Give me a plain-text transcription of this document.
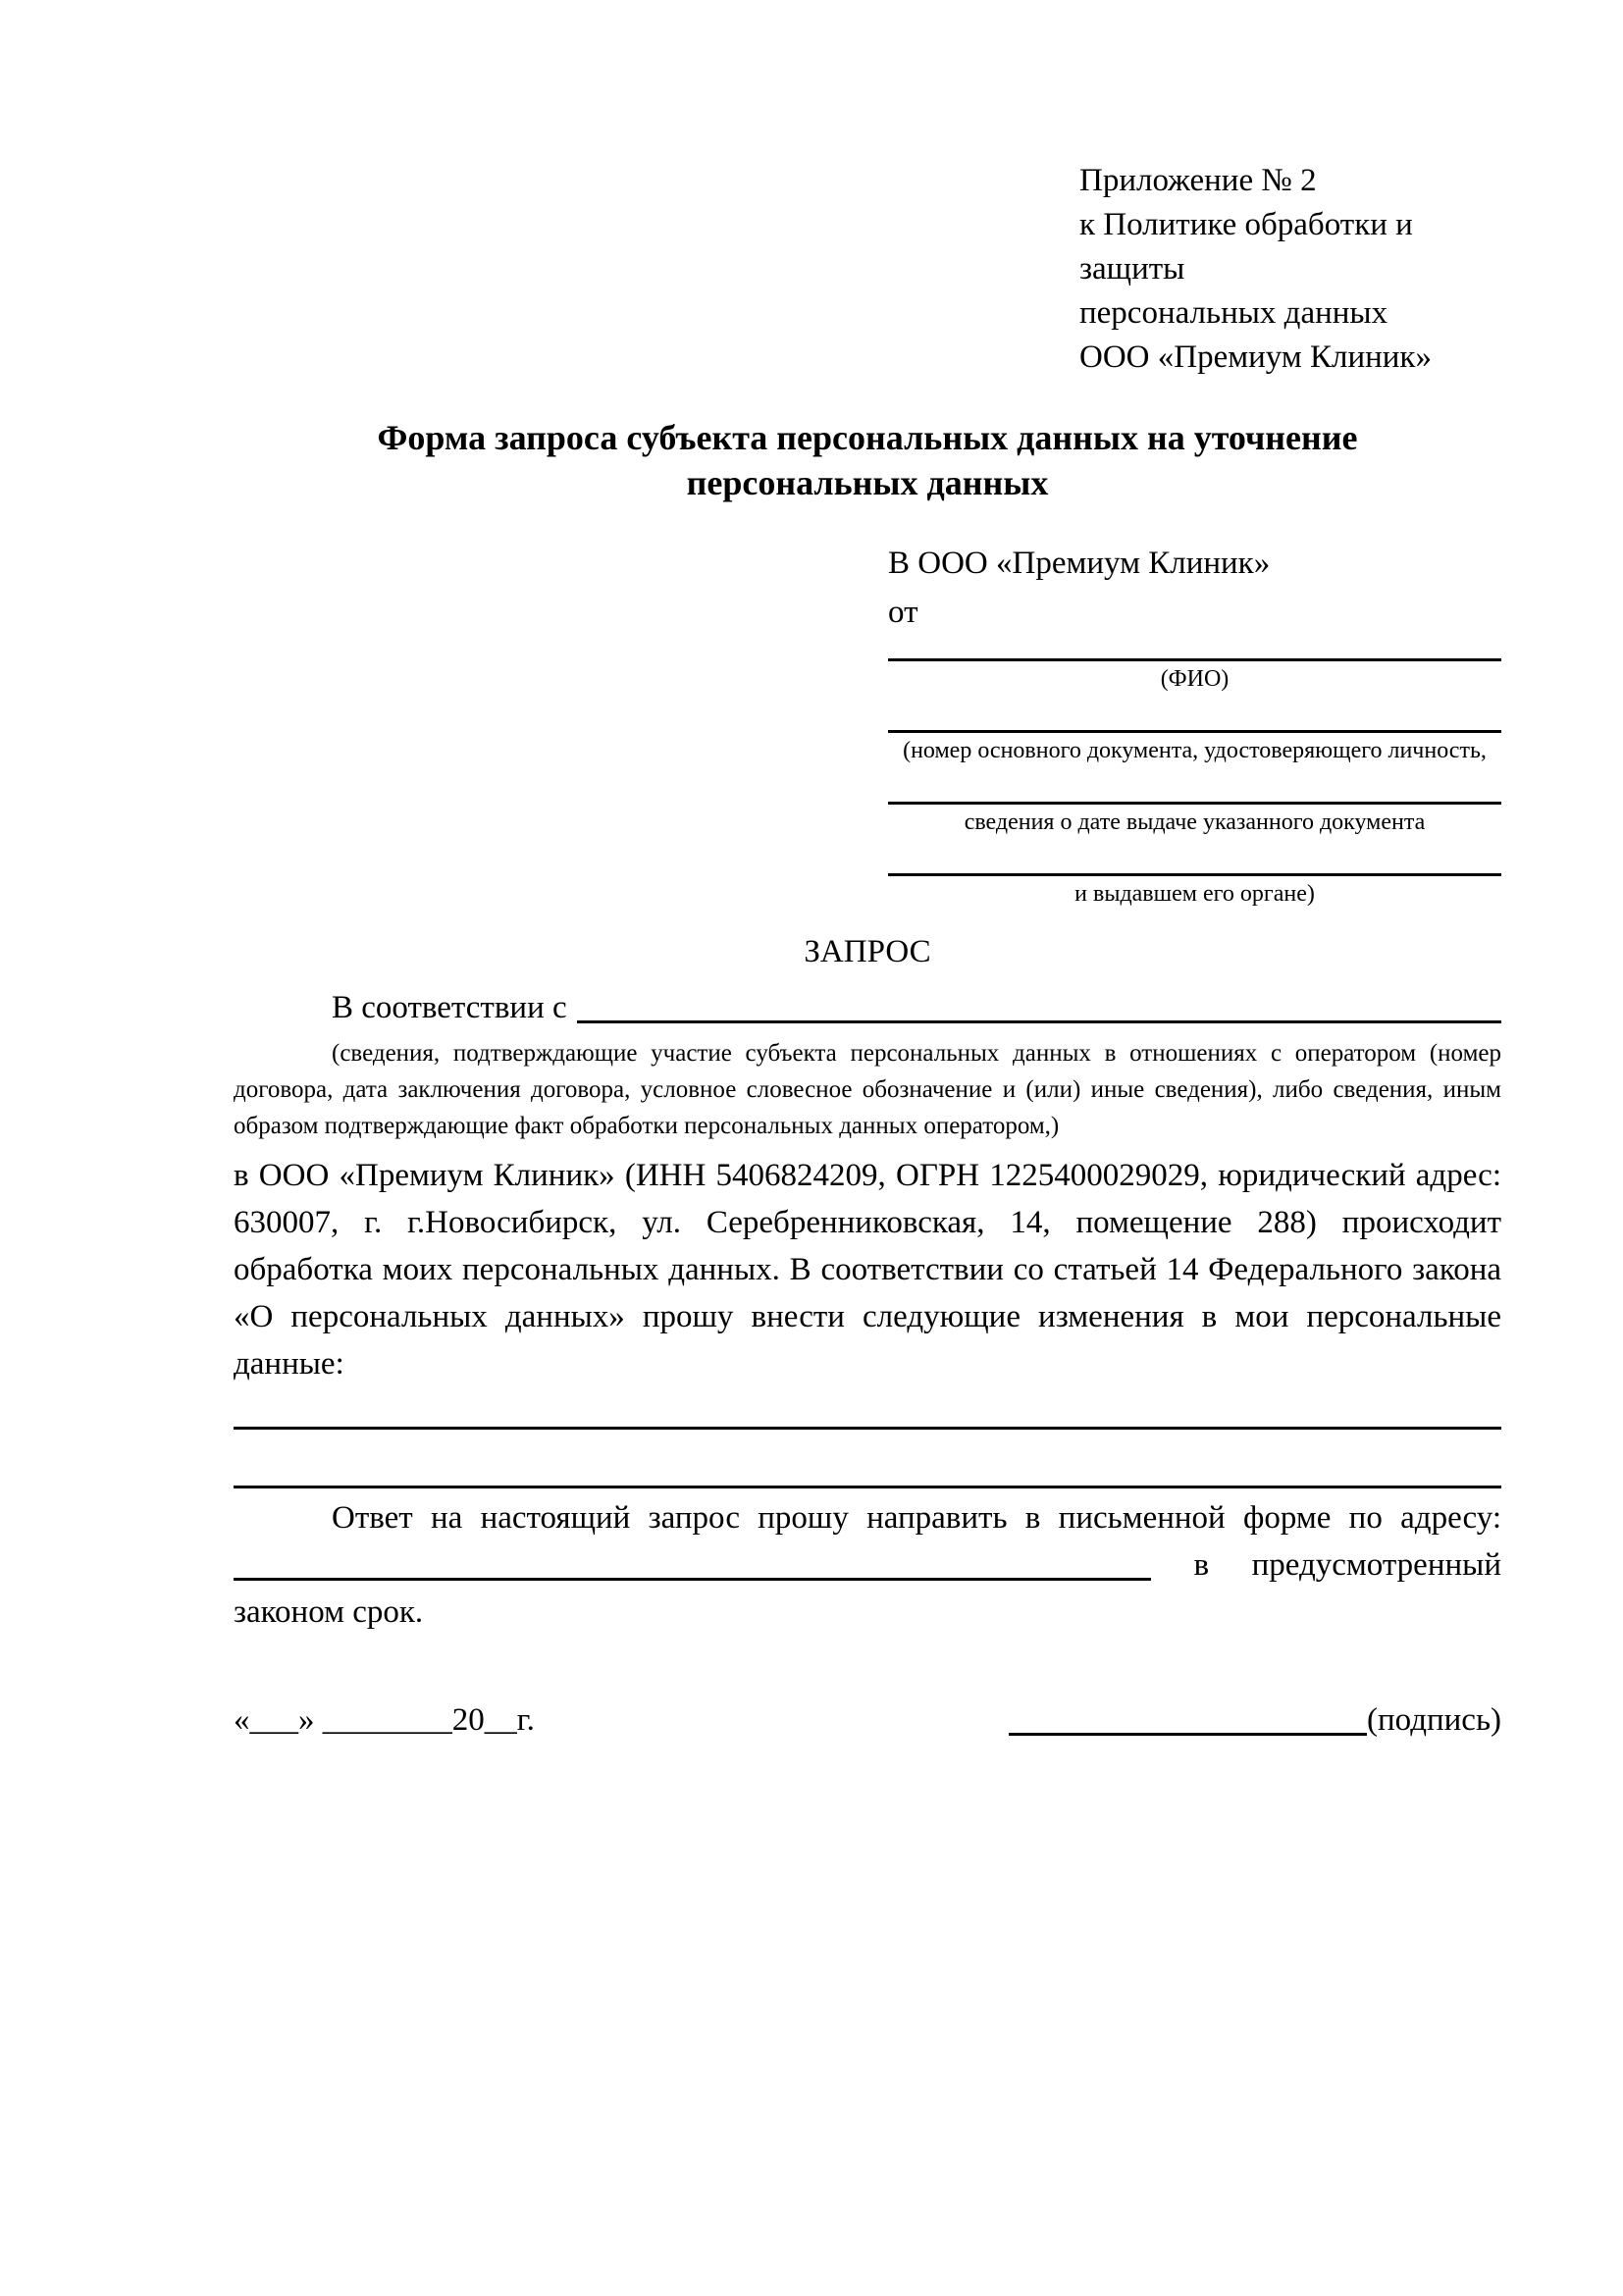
Приложение № 2
к Политике обработки и защиты
персональных данных
ООО «Премиум Клиник»
Форма запроса субъекта персональных данных на уточнение персональных данных
В ООО «Премиум Клиник»
от
(ФИО)
(номер основного документа, удостоверяющего личность,
сведения о дате выдаче указанного документа
и выдавшем его органе)
ЗАПРОС
В соответствии с
(сведения, подтверждающие участие субъекта персональных данных в отношениях с оператором (номер договора, дата заключения договора, условное словесное обозначение и (или) иные сведения), либо сведения, иным образом подтверждающие факт обработки персональных данных оператором,)
в ООО «Премиум Клиник» (ИНН 5406824209, ОГРН 1225400029029, юридический адрес: 630007, г. г.Новосибирск, ул. Серебренниковская, 14, помещение 288) происходит обработка моих персональных данных. В соответствии со статьей 14 Федерального закона «О персональных данных» прошу внести следующие изменения в мои персональные данные:
Ответ на настоящий запрос прошу направить в письменной форме по адресу:
в предусмотренный
законом срок.
«___» ________20__г.	(подпись)
